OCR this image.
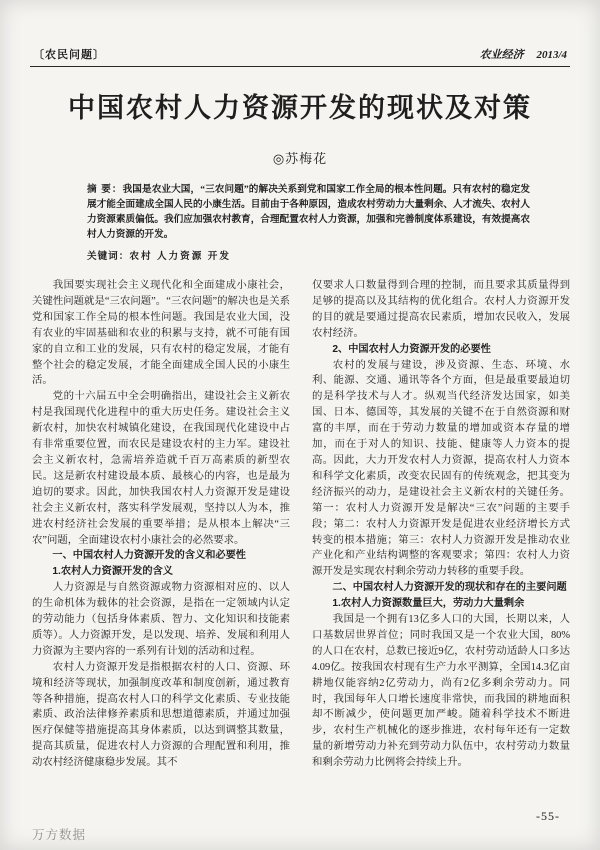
〔农民问题〕	农业经济 2013/4
中国农村人力资源开发的现状及对策
◎苏梅花

摘 要：我国是农业大国，“三农问题”的解决关系到党和国家工作全局的根本性问题。只有农村的稳定发展才能全面建成全国人民的小康生活。目前由于各种原因，造成农村劳动力大量剩余、人才流失、农村人力资源素质偏低。我们应加强农村教育，合理配置农村人力资源，加强和完善制度体系建设，有效提高农村人力资源的开发。

关键词：农村 人力资源 开发

我国要实现社会主义现代化和全面建成小康社会，关键性问题就是“三农问题”。“三农问题”的解决也是关系党和国家工作全局的根本性问题。我国是农业大国，没有农业的牢固基础和农业的积累与支持，就不可能有国家的自立和工业的发展，只有农村的稳定发展，才能有整个社会的稳定发展，才能全面建成全国人民的小康生活。

党的十六届五中全会明确指出，建设社会主义新农村是我国现代化进程中的重大历史任务。建设社会主义新农村，加快农村城镇化建设，在我国现代化建设中占有非常重要位置，而农民是建设农村的主力军。建设社会主义新农村，急需培养造就千百万高素质的新型农民。这是新农村建设最本质、最核心的内容，也是最为迫切的要求。因此，加快我国农村人力资源开发是建设社会主义新农村，落实科学发展观，坚持以人为本，推进农村经济社会发展的重要举措；是从根本上解决“三农”问题，全面建设农村小康社会的必然要求。

一、中国农村人力资源开发的含义和必要性

1.农村人力资源开发的含义

人力资源是与自然资源或物力资源相对应的、以人的生命机体为载体的社会资源，是指在一定领域内认定的劳动能力（包括身体素质、智力、文化知识和技能素质等）。人力资源开发，是以发现、培养、发展和利用人力资源为主要内容的一系列有计划的活动和过程。

农村人力资源开发是指根据农村的人口、资源、环境和经济等现状，加强制度改革和制度创新，通过教育等各种措施，提高农村人口的科学文化素质、专业技能素质、政治法律修养素质和思想道德素质，并通过加强医疗保健等措施提高其身体素质，以达到调整其数量，提高其质量，促进农村人力资源的合理配置和利用，推动农村经济健康稳步发展。其不

仅要求人口数量得到合理的控制，而且要求其质量得到足够的提高以及其结构的优化组合。农村人力资源开发的目的就是要通过提高农民素质，增加农民收入，发展农村经济。

2、中国农村人力资源开发的必要性

农村的发展与建设，涉及资源、生态、环境、水利、能源、交通、通讯等各个方面，但是最重要最迫切的是科学技术与人才。纵观当代经济发达国家，如美国、日本、德国等，其发展的关键不在于自然资源和财富的丰厚，而在于劳动力数量的增加或资本存量的增加，而在于对人的知识、技能、健康等人力资本的提高。因此，大力开发农村人力资源，提高农村人力资本和科学文化素质，改变农民固有的传统观念，把其变为经济振兴的动力，是建设社会主义新农村的关键任务。第一：农村人力资源开发是解决“三农”问题的主要手段；第二：农村人力资源开发是促进农业经济增长方式转变的根本措施；第三：农村人力资源开发是推动农业产业化和产业结构调整的客观要求；第四：农村人力资源开发是实现农村剩余劳动力转移的重要手段。

二、中国农村人力资源开发的现状和存在的主要问题

1.农村人力资源数量巨大，劳动力大量剩余

我国是一个拥有13亿多人口的大国，长期以来，人口基数居世界首位；同时我国又是一个农业大国，80%的人口在农村，总数已接近9亿，农村劳动适龄人口多达4.09亿。按我国农村现有生产力水平测算，全国14.3亿亩耕地仅能容纳2亿劳动力，尚有2亿多剩余劳动力。同时，我国每年人口增长速度非常快，而我国的耕地面积却不断减少，使问题更加严峻。随着科学技术不断进步，农村生产机械化的逐步推进，农村每年还有一定数量的新增劳动力补充到劳动力队伍中，农村劳动力数量和剩余劳动力比例将会持续上升。

-55-
万方数据
